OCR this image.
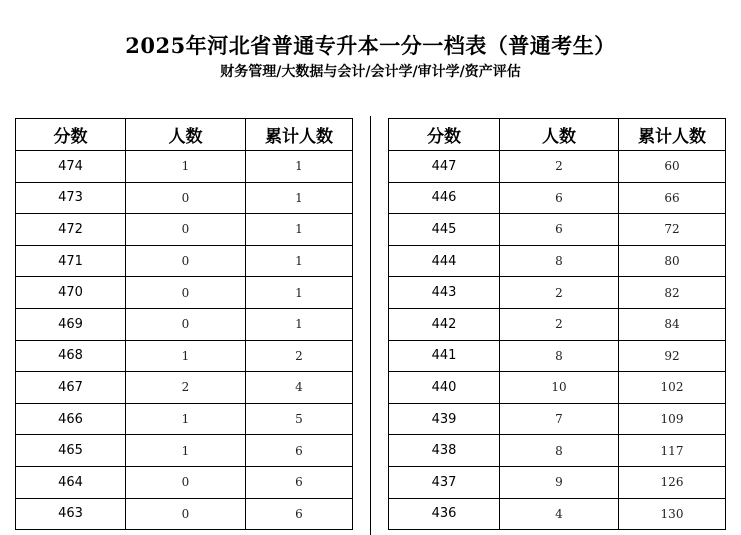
2025年河北省普通专升本一分一档表（普通考生）
财务管理/大数据与会计/会计学/审计学/资产评估
分数	人数	累计人数
474	1	1
473	0	1
472	0	1
471	0	1
470	0	1
469	0	1
468	1	2
467	2	4
466	1	5
465	1	6
464	0	6
463	0	6
分数	人数	累计人数
447	2	60
446	6	66
445	6	72
444	8	80
443	2	82
442	2	84
441	8	92
440	10	102
439	7	109
438	8	117
437	9	126
436	4	130
